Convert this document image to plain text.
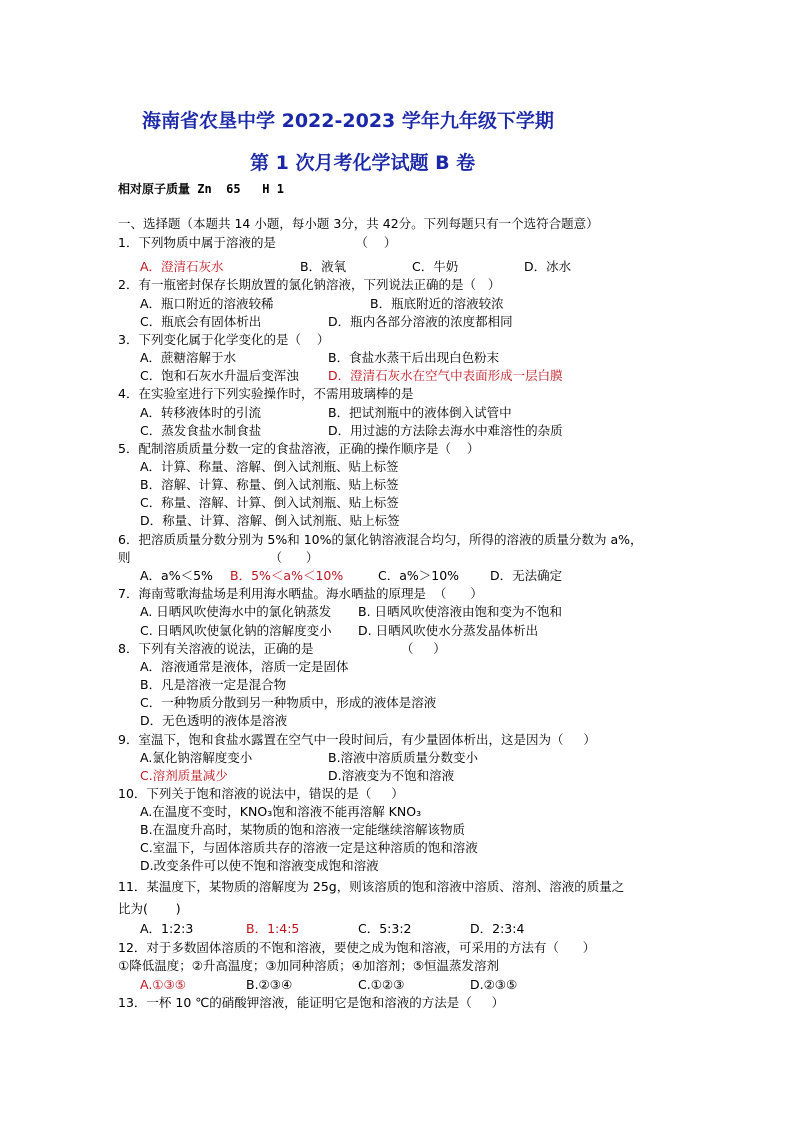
海南省农垦中学 2022-2023 学年九年级下学期
第 1 次月考化学试题 B 卷
相对原子质量 Zn  65   H 1
一、选择题（本题共 14 小题，每小题 3分，共 42分。下列每题只有一个选符合题意）
1．下列物质中属于溶液的是                    （    ）
A．澄清石灰水	B．液氧	C．牛奶	D．冰水
2．有一瓶密封保存长期放置的氯化钠溶液，下列说法正确的是（   ）
A．瓶口附近的溶液较稀	B．瓶底附近的溶液较浓
C．瓶底会有固体析出	D．瓶内各部分溶液的浓度都相同
3．下列变化属于化学变化的是（    ）
A．蔗糖溶解于水	B．食盐水蒸干后出现白色粉末
C．饱和石灰水升温后变浑浊 D．澄清石灰水在空气中表面形成一层白膜
4．在实验室进行下列实验操作时，不需用玻璃棒的是
A．转移液体时的引流	B．把试剂瓶中的液体倒入试管中
C．蒸发食盐水制食盐	D．用过滤的方法除去海水中难溶性的杂质
5．配制溶质质量分数一定的食盐溶液，正确的操作顺序是（    ）
A．计算、称量、溶解、倒入试剂瓶、贴上标签
B．溶解、计算、称量、倒入试剂瓶、贴上标签
C．称量、溶解、计算、倒入试剂瓶、贴上标签
D．称量、计算、溶解、倒入试剂瓶、贴上标签
6．把溶质质量分数分别为 5%和 10%的氯化钠溶液混合均匀，所得的溶液的质量分数为 a%，
则                                   （      ）
A．a%＜5% B．5%＜a%＜10%	C．a%＞10% D．无法确定
7．海南莺歌海盐场是利用海水晒盐。海水晒盐的原理是  （      ）
A. 日晒风吹使海水中的氯化钠蒸发 B. 日晒风吹使溶液由饱和变为不饱和
C. 日晒风吹使氯化钠的溶解度变小 D. 日晒风吹使水分蒸发晶体析出
8．下列有关溶液的说法，正确的是                      （     ）
A．溶液通常是液体，溶质一定是固体
B．凡是溶液一定是混合物
C．一种物质分散到另一种物质中，形成的液体是溶液
D．无色透明的液体是溶液
9．室温下，饱和食盐水露置在空气中一段时间后，有少量固体析出，这是因为（     ）
A.氯化钠溶解度变小	B.溶液中溶质质量分数变小
C.溶剂质量减少	D.溶液变为不饱和溶液
10．下列关于饱和溶液的说法中，错误的是（     ）
A.在温度不变时，KNO₃饱和溶液不能再溶解 KNO₃
B.在温度升高时，某物质的饱和溶液一定能继续溶解该物质
C.室温下，与固体溶质共存的溶液一定是这种溶质的饱和溶液
D.改变条件可以使不饱和溶液变成饱和溶液
11．某温度下，某物质的溶解度为 25g，则该溶质的饱和溶液中溶质、溶剂、溶液的质量之
比为(       )
A．1:2:3	B．1:4:5	C．5:3:2	D．2:3:4
12．对于多数固体溶质的不饱和溶液，要使之成为饱和溶液，可采用的方法有（      ）
①降低温度；②升高温度；③加同种溶质；④加溶剂；⑤恒温蒸发溶剂
A.①③⑤	B.②③④	C.①②③	D.②③⑤
13．一杯 10 ℃的硝酸钾溶液，能证明它是饱和溶液的方法是（     ）
